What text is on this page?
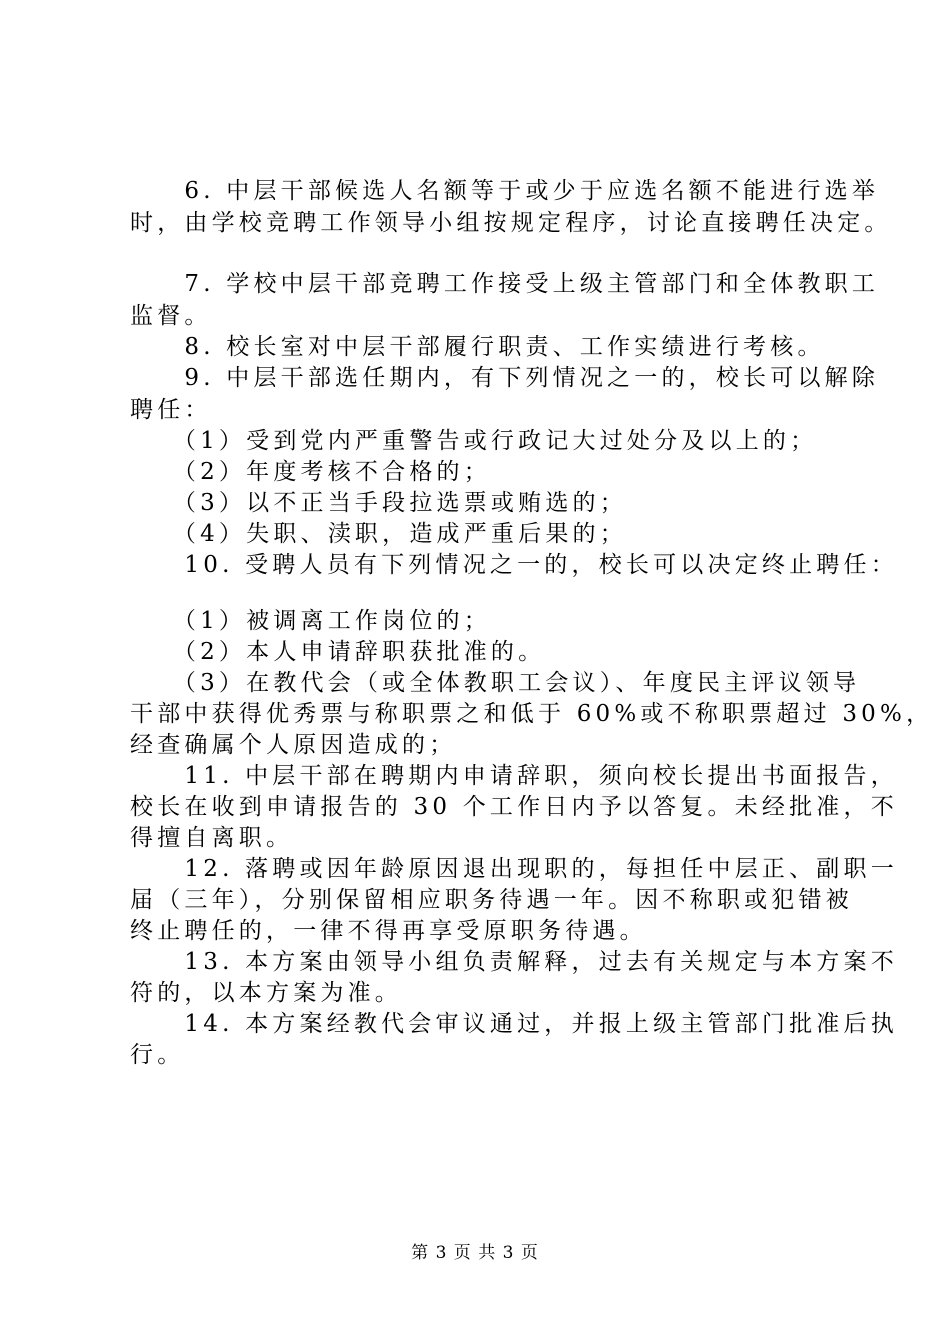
　　6. 中层干部候选人名额等于或少于应选名额不能进行选举
时，由学校竞聘工作领导小组按规定程序，讨论直接聘任决定。
　　7. 学校中层干部竞聘工作接受上级主管部门和全体教职工
监督。
　　8. 校长室对中层干部履行职责、工作实绩进行考核。
　　9. 中层干部选任期内，有下列情况之一的，校长可以解除
聘任：
　　（1）受到党内严重警告或行政记大过处分及以上的；
　　（2）年度考核不合格的；
　　（3）以不正当手段拉选票或贿选的；
　　（4）失职、渎职，造成严重后果的；
　　10. 受聘人员有下列情况之一的，校长可以决定终止聘任：
　　（1）被调离工作岗位的；
　　（2）本人申请辞职获批准的。
　　（3）在教代会（或全体教职工会议）、年度民主评议领导
干部中获得优秀票与称职票之和低于 60%或不称职票超过 30%，
经查确属个人原因造成的；
　　11. 中层干部在聘期内申请辞职，须向校长提出书面报告，
校长在收到申请报告的 30 个工作日内予以答复。未经批准，不
得擅自离职。
　　12. 落聘或因年龄原因退出现职的，每担任中层正、副职一
届（三年），分别保留相应职务待遇一年。因不称职或犯错被
终止聘任的，一律不得再享受原职务待遇。
　　13. 本方案由领导小组负责解释，过去有关规定与本方案不
符的，以本方案为准。
　　14. 本方案经教代会审议通过，并报上级主管部门批准后执
行。
第 3 页 共 3 页
